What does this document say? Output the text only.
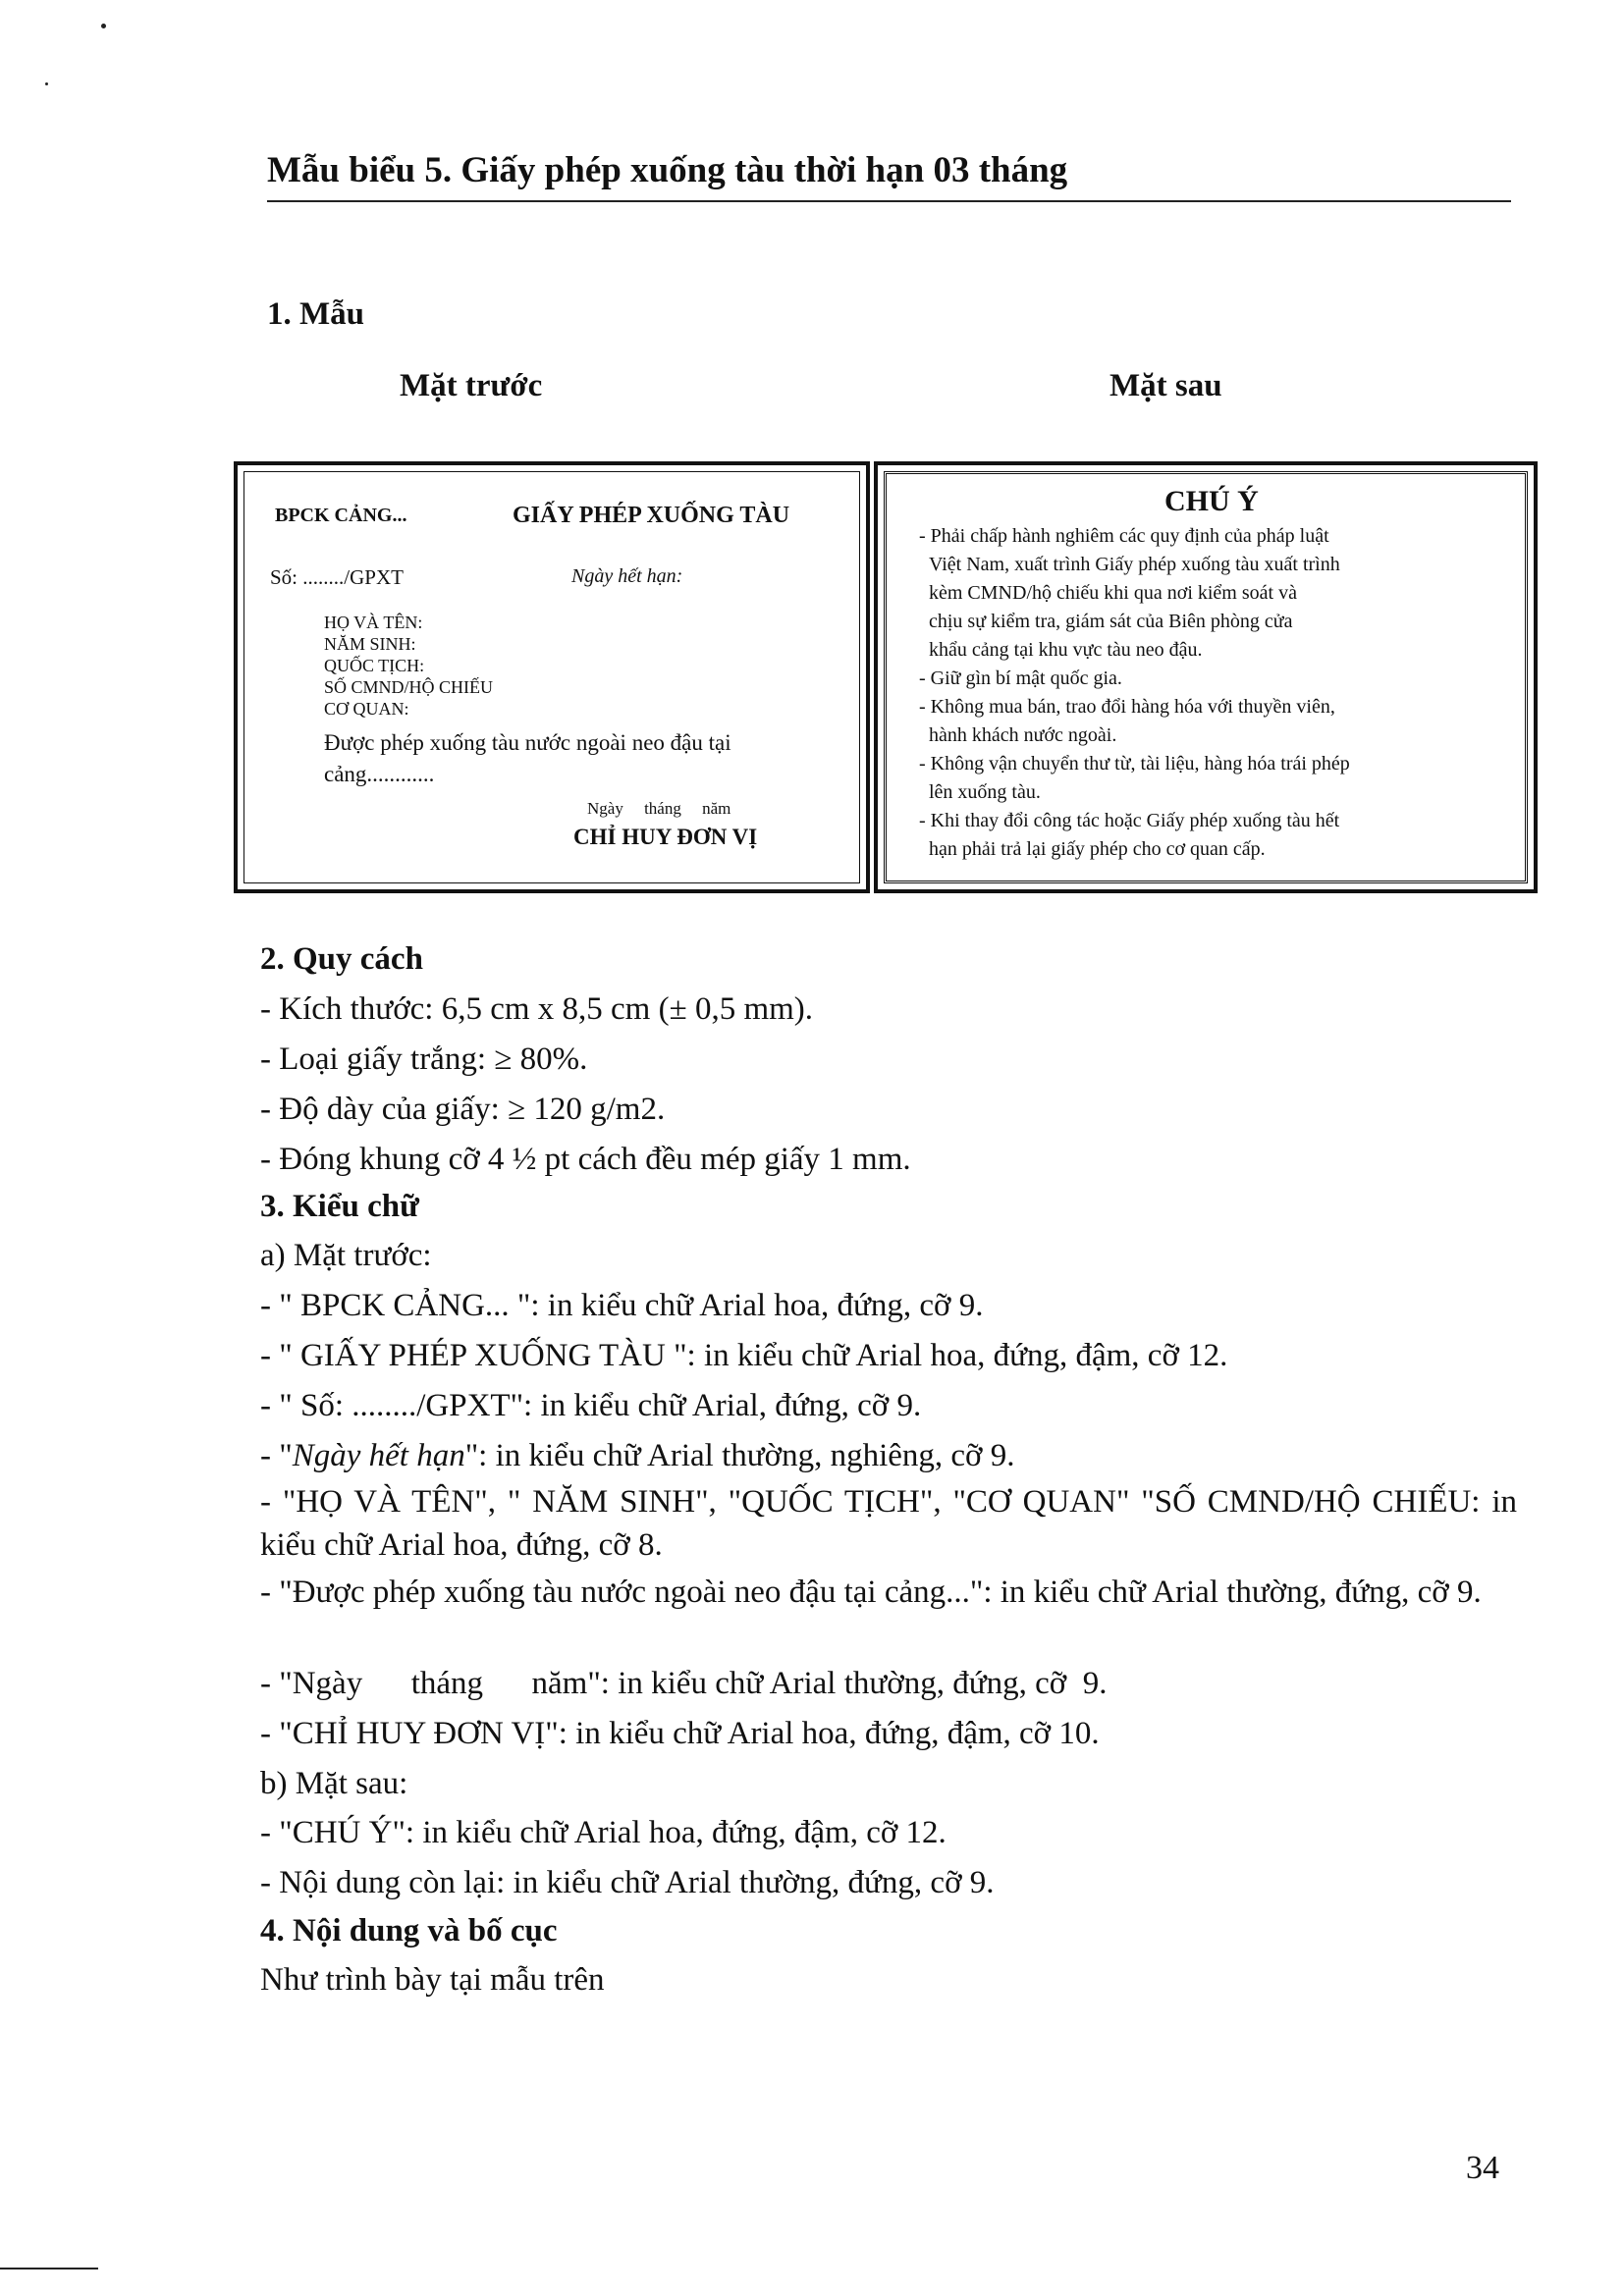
Mẫu biểu 5. Giấy phép xuống tàu thời hạn 03 tháng
1. Mẫu
Mặt trước	Mặt sau
BPCK CẢNG...	GIẤY PHÉP XUỐNG TÀU
Số: ......../GPXT	Ngày hết hạn:
HỌ VÀ TÊN:
NĂM SINH:
QUỐC TỊCH:
SỐ CMND/HỘ CHIẾU
CƠ QUAN:
Được phép xuống tàu nước ngoài neo đậu tại
cảng............
Ngày     tháng     năm
CHỈ HUY ĐƠN VỊ
CHÚ Ý
- Phải chấp hành nghiêm các quy định của pháp luật
Việt Nam, xuất trình Giấy phép xuống tàu xuất trình
kèm CMND/hộ chiếu khi qua nơi kiểm soát và
chịu sự kiểm tra, giám sát của Biên phòng cửa
khẩu cảng tại khu vực tàu neo đậu.
- Giữ gìn bí mật quốc gia.
- Không mua bán, trao đổi hàng hóa với thuyền viên,
hành khách nước ngoài.
- Không vận chuyển thư từ, tài liệu, hàng hóa trái phép
lên xuống tàu.
- Khi thay đổi công tác hoặc Giấy phép xuống tàu hết
hạn phải trả lại giấy phép cho cơ quan cấp.
2. Quy cách
- Kích thước: 6,5 cm x 8,5 cm (± 0,5 mm).
- Loại giấy trắng: ≥ 80%.
- Độ dày của giấy: ≥ 120 g/m2.
- Đóng khung cỡ 4 ½ pt cách đều mép giấy 1 mm.
3. Kiểu chữ
a) Mặt trước:
- " BPCK CẢNG... ": in kiểu chữ Arial hoa, đứng, cỡ 9.
- " GIẤY PHÉP XUỐNG TÀU ": in kiểu chữ Arial hoa, đứng, đậm, cỡ 12.
- " Số: ......../GPXT": in kiểu chữ Arial, đứng, cỡ 9.
- "Ngày hết hạn": in kiểu chữ Arial thường, nghiêng, cỡ 9.
- "HỌ VÀ TÊN", " NĂM SINH", "QUỐC TỊCH", "CƠ QUAN" "SỐ CMND/HỘ CHIẾU: in kiểu chữ Arial hoa, đứng, cỡ 8.
- "Được phép xuống tàu nước ngoài neo đậu tại cảng...": in kiểu chữ Arial thường, đứng, cỡ 9.
- "Ngày      tháng      năm": in kiểu chữ Arial thường, đứng, cỡ  9.
- "CHỈ HUY ĐƠN VỊ": in kiểu chữ Arial hoa, đứng, đậm, cỡ 10.
b) Mặt sau:
- "CHÚ Ý": in kiểu chữ Arial hoa, đứng, đậm, cỡ 12.
- Nội dung còn lại: in kiểu chữ Arial thường, đứng, cỡ 9.
4. Nội dung và bố cục
Như trình bày tại mẫu trên
34
